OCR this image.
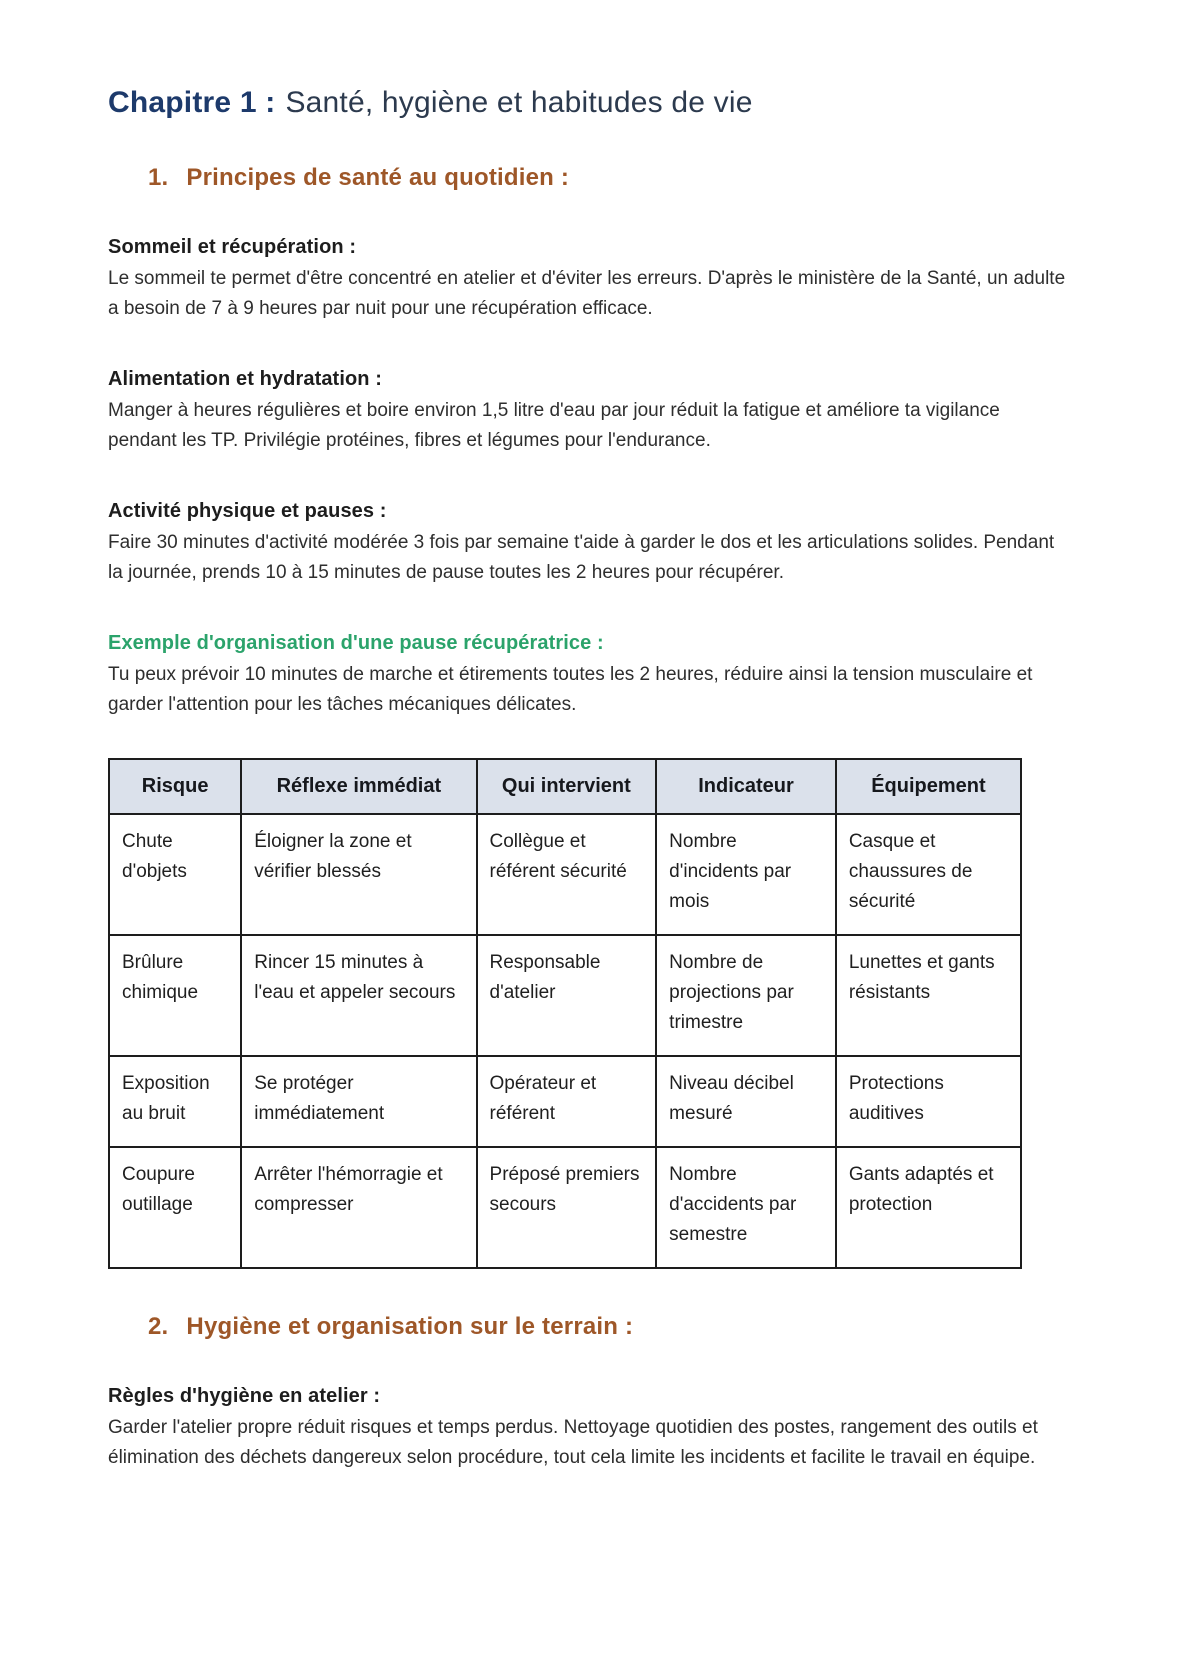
Chapitre 1 : Santé, hygiène et habitudes de vie
1. Principes de santé au quotidien :

Sommeil et récupération :

Le sommeil te permet d'être concentré en atelier et d'éviter les erreurs. D'après le ministère de la Santé, un adulte a besoin de 7 à 9 heures par nuit pour une récupération efficace.

Alimentation et hydratation :

Manger à heures régulières et boire environ 1,5 litre d'eau par jour réduit la fatigue et améliore ta vigilance pendant les TP. Privilégie protéines, fibres et légumes pour l'endurance.

Activité physique et pauses :

Faire 30 minutes d'activité modérée 3 fois par semaine t'aide à garder le dos et les articulations solides. Pendant la journée, prends 10 à 15 minutes de pause toutes les 2 heures pour récupérer.

Exemple d'organisation d'une pause récupératrice :

Tu peux prévoir 10 minutes de marche et étirements toutes les 2 heures, réduire ainsi la tension musculaire et garder l'attention pour les tâches mécaniques délicates.

Risque	Réflexe immédiat	Qui intervient	Indicateur	Équipement
Chute d'objets	Éloigner la zone et vérifier blessés	Collègue et référent sécurité	Nombre d'incidents par mois	Casque et chaussures de sécurité
Brûlure chimique	Rincer 15 minutes à l'eau et appeler secours	Responsable d'atelier	Nombre de projections par trimestre	Lunettes et gants résistants
Exposition au bruit	Se protéger immédiatement	Opérateur et référent	Niveau décibel mesuré	Protections auditives
Coupure outillage	Arrêter l'hémorragie et compresser	Préposé premiers secours	Nombre d'accidents par semestre	Gants adaptés et protection
2. Hygiène et organisation sur le terrain :

Règles d'hygiène en atelier :

Garder l'atelier propre réduit risques et temps perdus. Nettoyage quotidien des postes, rangement des outils et élimination des déchets dangereux selon procédure, tout cela limite les incidents et facilite le travail en équipe.
